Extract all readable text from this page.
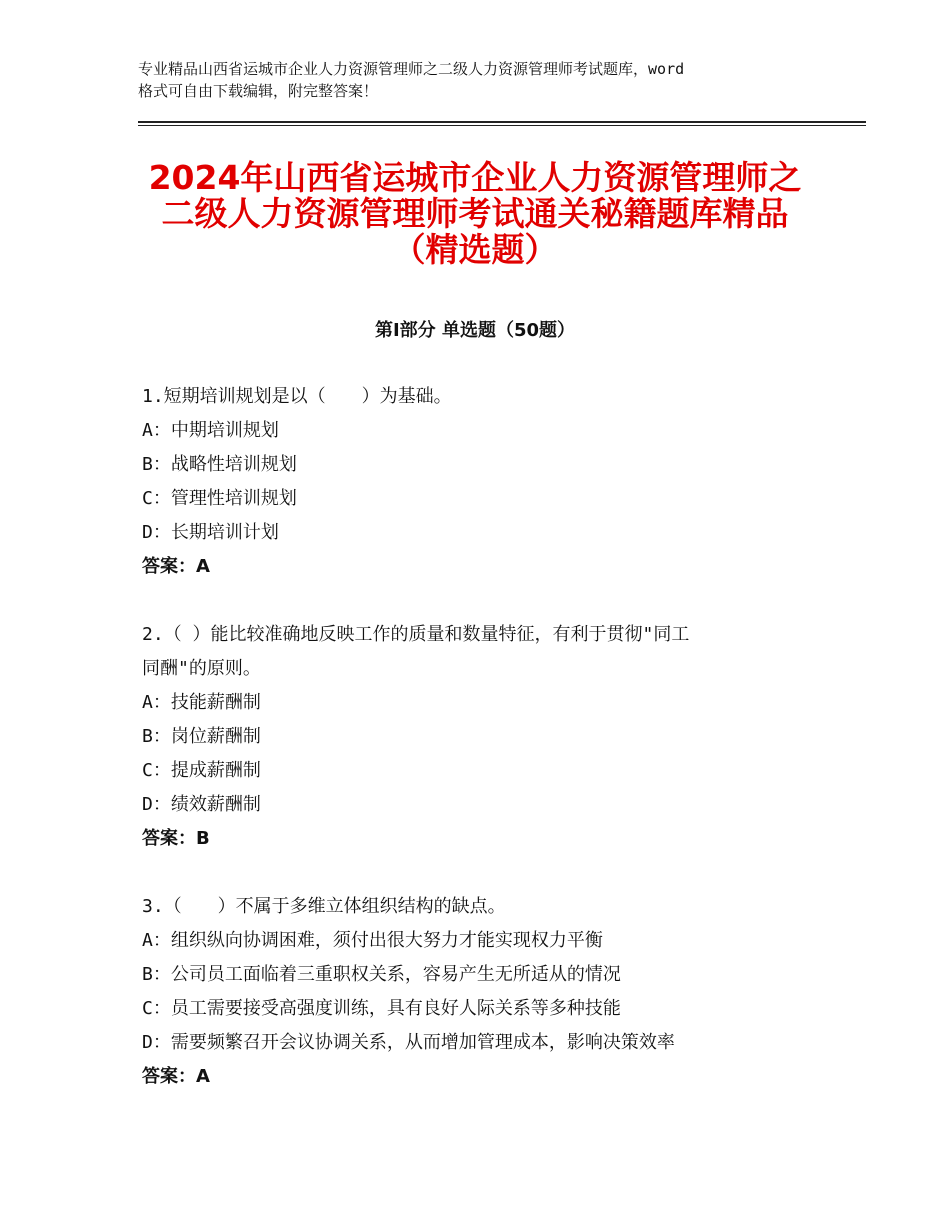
专业精品山西省运城市企业人力资源管理师之二级人力资源管理师考试题库，word
格式可自由下载编辑，附完整答案！
2024年山西省运城市企业人力资源管理师之
二级人力资源管理师考试通关秘籍题库精品
（精选题）
第Ⅰ部分 单选题（50题）
1.短期培训规划是以（　　）为基础。
A：中期培训规划
B：战略性培训规划
C：管理性培训规划
D：长期培训计划
答案：A
2.（ ）能比较准确地反映工作的质量和数量特征，有利于贯彻"同工
同酬"的原则。
A：技能薪酬制
B：岗位薪酬制
C：提成薪酬制
D：绩效薪酬制
答案：B
3.（　　）不属于多维立体组织结构的缺点。
A：组织纵向协调困难，须付出很大努力才能实现权力平衡
B：公司员工面临着三重职权关系，容易产生无所适从的情况
C：员工需要接受高强度训练，具有良好人际关系等多种技能
D：需要频繁召开会议协调关系，从而增加管理成本，影响决策效率
答案：A
